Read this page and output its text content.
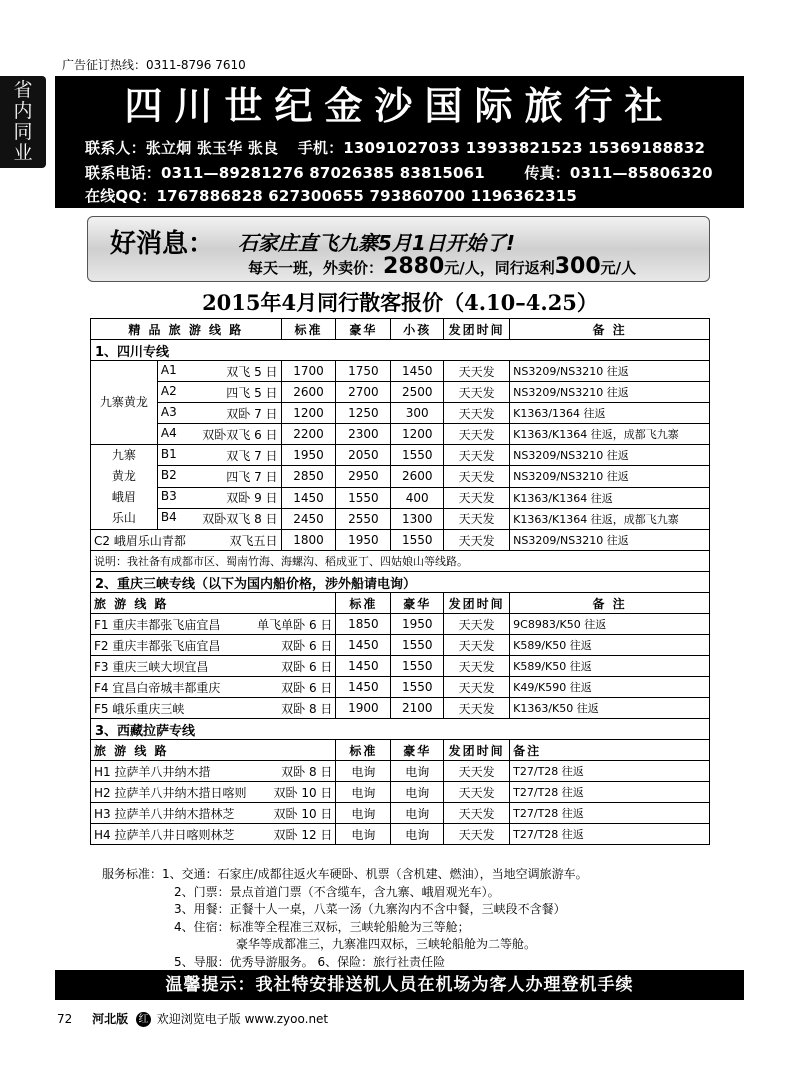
广告征订热线：0311-8796 7610
省
内
同
业
四川世纪金沙国际旅行社
联系人：张立炯 张玉华 张良 手机：13091027033 13933821523 15369188832
联系电话：0311—89281276 87026385 83815061	传真：0311—85806320
在线QQ：1767886828 627300655 793860700 1196362315
好消息： 石家庄直飞九寨5月1日开始了!
每天一班，外卖价：2880元/人，同行返利300元/人
2015年4月同行散客报价（4.10–4.25）
精 品 旅 游 线 路		标准	豪华	小孩	发团时间	备 注
1、四川专线						
九寨黄龙	A1 双飞 5 日	1700	1750	1450	天天发	NS3209/NS3210 往返
	A2 四飞 5 日	2600	2700	2500	天天发	NS3209/NS3210 往返
	A3 双卧 7 日	1200	1250	300	天天发	K1363/1364 往返
	A4 双卧双飞 6 日	2200	2300	1200	天天发	K1363/K1364 往返，成都飞九寨
九寨黄龙峨眉乐山	B1 双飞 7 日	1950	2050	1550	天天发	NS3209/NS3210 往返
	B2 四飞 7 日	2850	2950	2600	天天发	NS3209/NS3210 往返
	B3 双卧 9 日	1450	1550	400	天天发	K1363/K1364 往返
	B4 双卧双飞 8 日	2450	2550	1300	天天发	K1363/K1364 往返，成都飞九寨
C2 峨眉乐山青都 双飞五日		1800	1950	1550	天天发	NS3209/NS3210 往返
说明：我社备有成都市区、蜀南竹海、海螺沟、稻成亚丁、四姑娘山等线路。						
2、重庆三峡专线（以下为国内船价格，涉外船请电询）						
旅 游 线 路			标准	豪华	发团时间	备 注
F1 重庆丰都张飞庙宜昌 单飞单卧 6 日			1850	1950	天天发	9C8983/K50 往返
F2 重庆丰都张飞庙宜昌 双卧 6 日			1450	1550	天天发	K589/K50 往返
F3 重庆三峡大坝宜昌 双卧 6 日			1450	1550	天天发	K589/K50 往返
F4 宜昌白帝城丰都重庆 双卧 6 日			1450	1550	天天发	K49/K590 往返
F5 峨乐重庆三峡 双卧 8 日			1900	2100	天天发	K1363/K50 往返
3、西藏拉萨专线						
旅 游 线 路			标准	豪华	发团时间	备注
H1 拉萨羊八井纳木措 双卧 8 日			电询	电询	天天发	T27/T28 往返
H2 拉萨羊八井纳木措日喀则 双卧 10 日			电询	电询	天天发	T27/T28 往返
H3 拉萨羊八井纳木措林芝 双卧 10 日			电询	电询	天天发	T27/T28 往返
H4 拉萨羊八井日喀则林芝 双卧 12 日			电询	电询	天天发	T27/T28 往返
服务标准：1、交通：石家庄/成都往返火车硬卧、机票（含机建、燃油），当地空调旅游车。
2、门票：景点首道门票（不含缆车，含九寨、峨眉观光车）。
3、用餐：正餐十人一桌，八菜一汤（九寨沟内不含中餐，三峡段不含餐）
4、住宿：标准等全程准三双标，三峡轮船舱为三等舱；
豪华等成都准三，九寨准四双标，三峡轮船舱为二等舱。
5、导服：优秀导游服务。 6、保险：旅行社责任险
温馨提示：我社特安排送机人员在机场为客人办理登机手续
72 河北版 红 欢迎浏览电子版 www.zyoo.net
